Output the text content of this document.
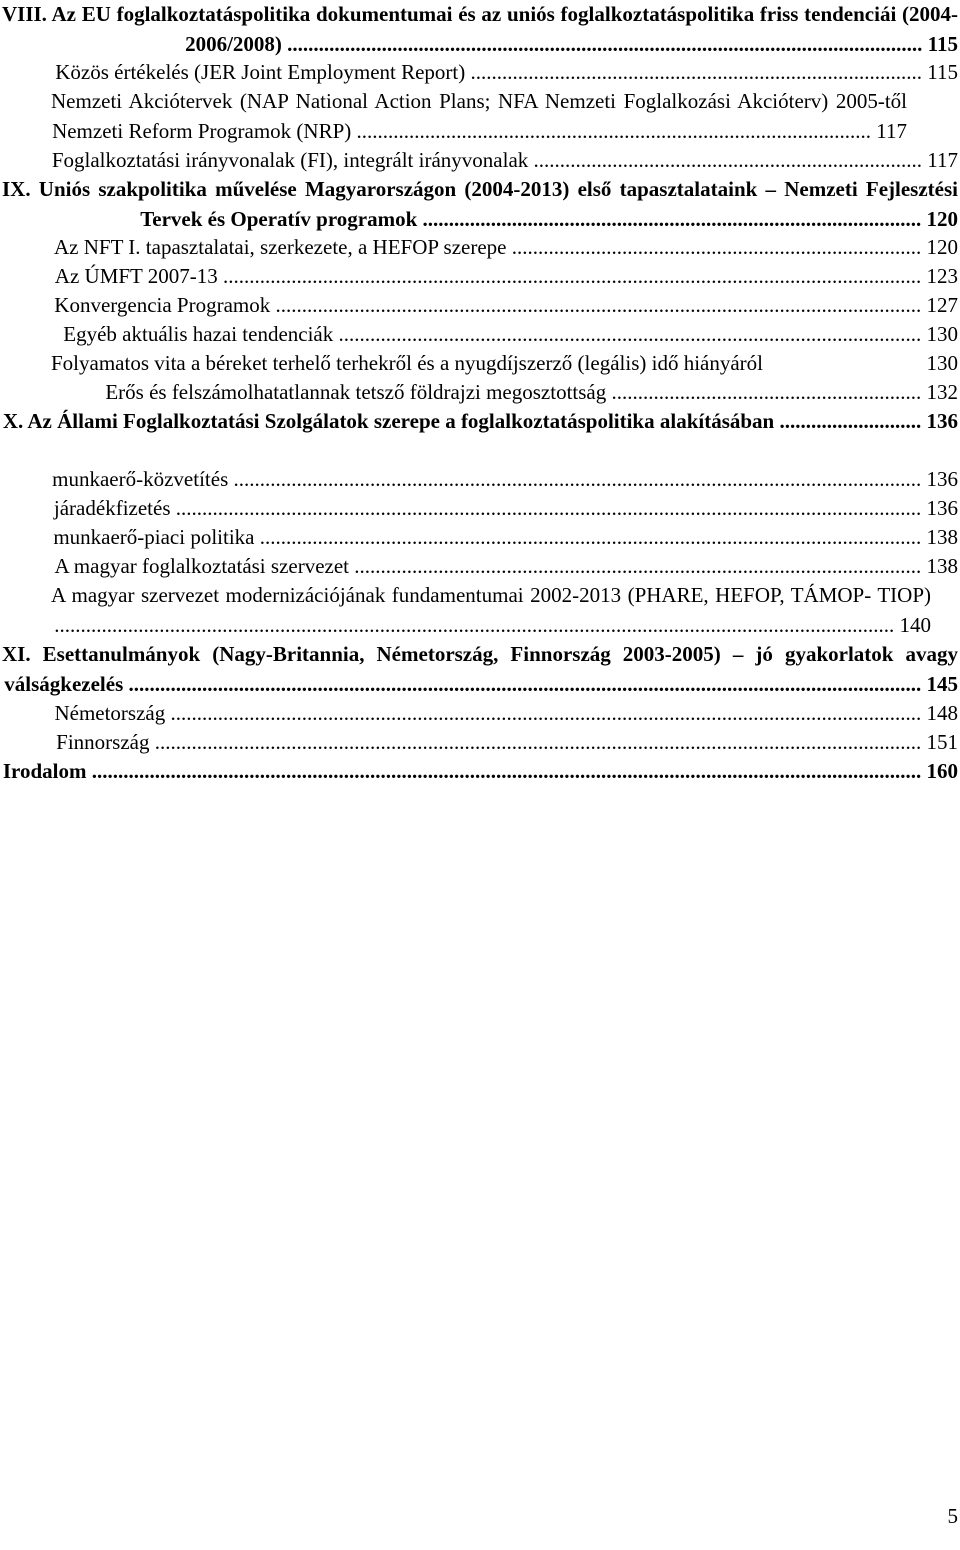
VIII. Az EU foglalkoztatáspolitika dokumentumai és az uniós foglalkoztatáspolitika friss tendenciái (2004-2006/2008) ......................................................................................................................... 115
Közös értékelés (JER Joint Employment Report) ...................................................................................... 115
Nemzeti Akciótervek (NAP National Action Plans; NFA Nemzeti Foglalkozási Akcióterv) 2005-től Nemzeti Reform Programok (NRP) .................................................................................................. 117
Foglalkoztatási irányvonalak (FI), integrált irányvonalak .......................................................................... 117
IX. Uniós szakpolitika művelése Magyarországon (2004-2013) első tapasztalataink – Nemzeti Fejlesztési Tervek és Operatív programok ............................................................................................... 120
Az NFT I. tapasztalatai, szerkezete, a HEFOP szerepe .............................................................................. 120
Az ÚMFT 2007-13 ..................................................................................................................................... 123
Konvergencia Programok ........................................................................................................................... 127
Egyéb aktuális hazai tendenciák ............................................................................................................... 130
Folyamatos vita a béreket terhelő terhekről és a nyugdíjszerző (legális) idő hiányáról	130
Erős és felszámolhatatlannak tetsző földrajzi megosztottság ........................................................... 132
X. Az Állami Foglalkoztatási Szolgálatok szerepe a foglalkoztatáspolitika alakításában ........................... 136
munkaerő-közvetítés ................................................................................................................................... 136
járadékfizetés .............................................................................................................................................. 136
munkaerő-piaci politika .............................................................................................................................. 138
A magyar foglalkoztatási szervezet ............................................................................................................ 138
A magyar szervezet modernizációjának fundamentumai 2002-2013 (PHARE, HEFOP, TÁMOP- TIOP) ................................................................................................................................................................ 140
XI. Esettanulmányok (Nagy-Britannia, Németország, Finnország 2003-2005) – jó gyakorlatok avagy válságkezelés ....................................................................................................................................................... 145
Németország ............................................................................................................................................... 148
Finnország .................................................................................................................................................. 151
Irodalom .............................................................................................................................................................. 160
5
